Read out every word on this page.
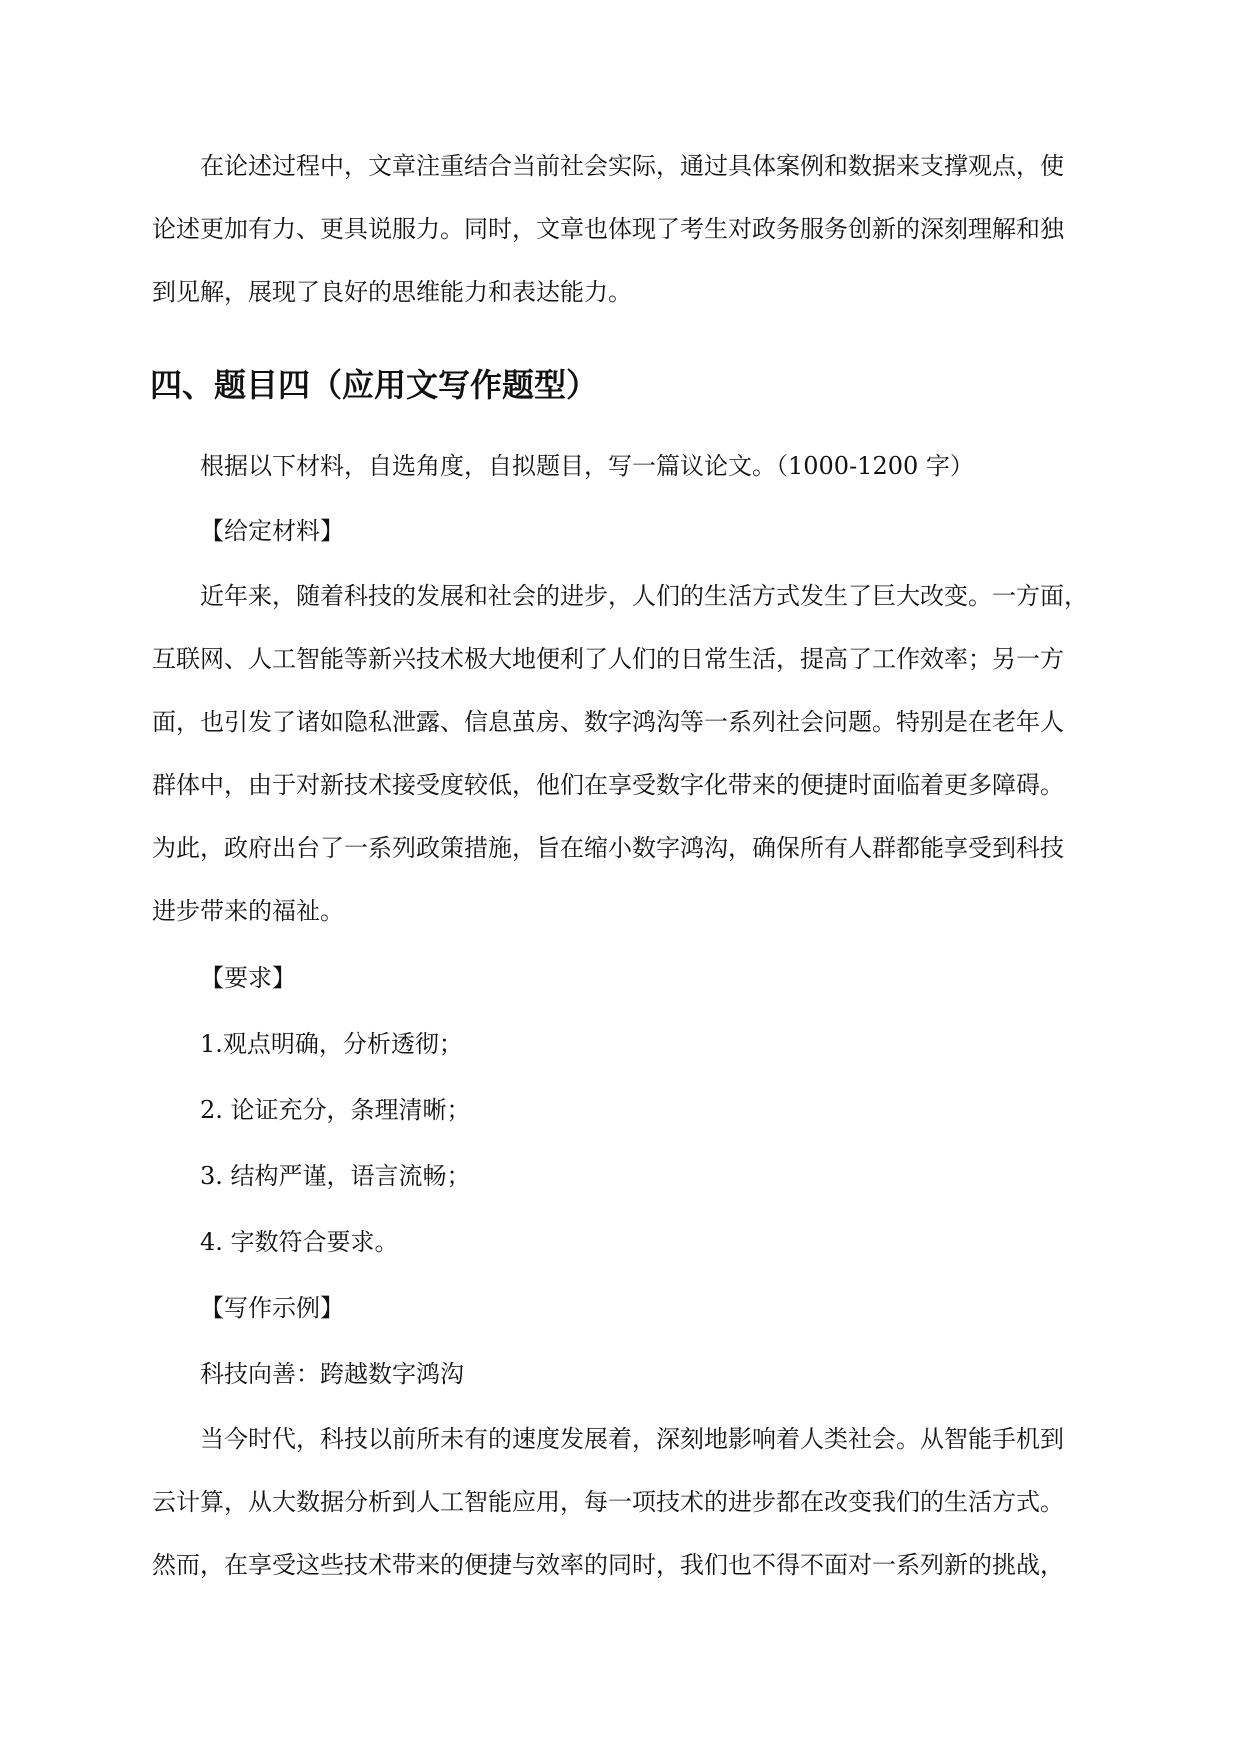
在论述过程中，文章注重结合当前社会实际，通过具体案例和数据来支撑观点，使
论述更加有力、更具说服力。同时，文章也体现了考生对政务服务创新的深刻理解和独
到见解，展现了良好的思维能力和表达能力。
四、题目四（应用文写作题型）
根据以下材料，自选角度，自拟题目，写一篇议论文。（1000-1200 字）
【给定材料】
近年来，随着科技的发展和社会的进步，人们的生活方式发生了巨大改变。一方面，
互联网、人工智能等新兴技术极大地便利了人们的日常生活，提高了工作效率；另一方
面，也引发了诸如隐私泄露、信息茧房、数字鸿沟等一系列社会问题。特别是在老年人
群体中，由于对新技术接受度较低，他们在享受数字化带来的便捷时面临着更多障碍。
为此，政府出台了一系列政策措施，旨在缩小数字鸿沟，确保所有人群都能享受到科技
进步带来的福祉。
【要求】
1.观点明确，分析透彻；
2. 论证充分，条理清晰；
3. 结构严谨，语言流畅；
4. 字数符合要求。
【写作示例】
科技向善：跨越数字鸿沟
当今时代，科技以前所未有的速度发展着，深刻地影响着人类社会。从智能手机到
云计算，从大数据分析到人工智能应用，每一项技术的进步都在改变我们的生活方式。
然而，在享受这些技术带来的便捷与效率的同时，我们也不得不面对一系列新的挑战，
